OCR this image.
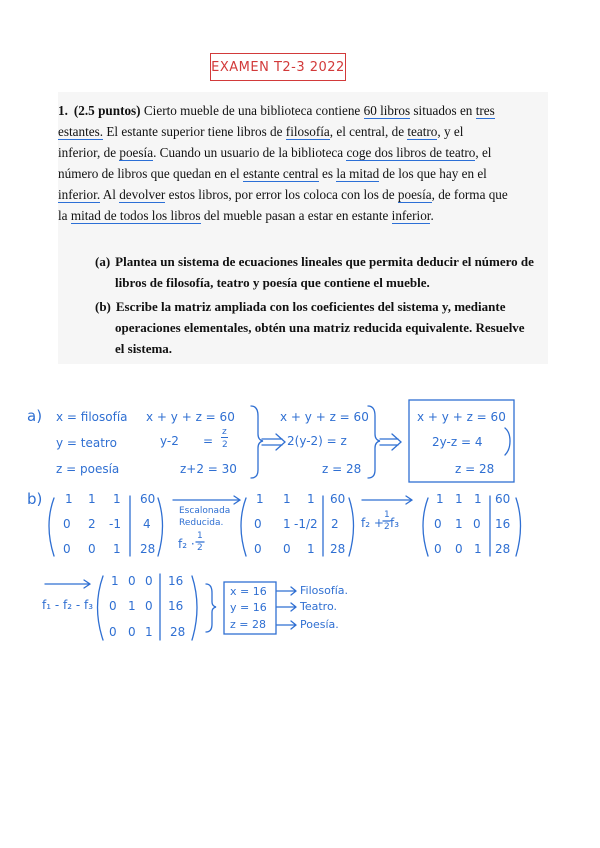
EXAMEN T2-3 2022

1. (2.5 puntos) Cierto mueble de una biblioteca contiene 60 libros situados en tres

estantes. El estante superior tiene libros de filosofía, el central, de teatro, y el

inferior, de poesía. Cuando un usuario de la biblioteca coge dos libros de teatro, el

número de libros que quedan en el estante central es la mitad de los que hay en el

inferior. Al devolver estos libros, por error los coloca con los de poesía, de forma que

la mitad de todos los libros del mueble pasan a estar en estante inferior.

(a) Plantea un sistema de ecuaciones lineales que permita deducir el número de
libros de filosofía, teatro y poesía que contiene el mueble.
(b) Escribe la matriz ampliada con los coeficientes del sistema y, mediante
operaciones elementales, obtén una matriz reducida equivalente. Resuelve
el sistema.
a) x = filosofía
y = teatro
z = poesía
x + y + z = 60
y-2 =
z
2
z+2 = 30
x + y + z = 60
2(y-2) = z
z = 28
x + y + z = 60
2y-z = 4
z = 28
b) 1 1 1 60
0 2 -1 4
0 0 1 28
Escalonada
Reducida.
f₂ ·
1
2
1 1 1 60
0 1 -1/2 2
0 0 1 28
f₂ +
1
2 f₃
1 1 1 60
0 1 0 16
0 0 1 28
f₁ - f₂ - f₃
1 0 0 16
0 1 0 16
0 0 1 28
x = 16
y = 16
z = 28
Filosofía.
Teatro.
Poesía.
